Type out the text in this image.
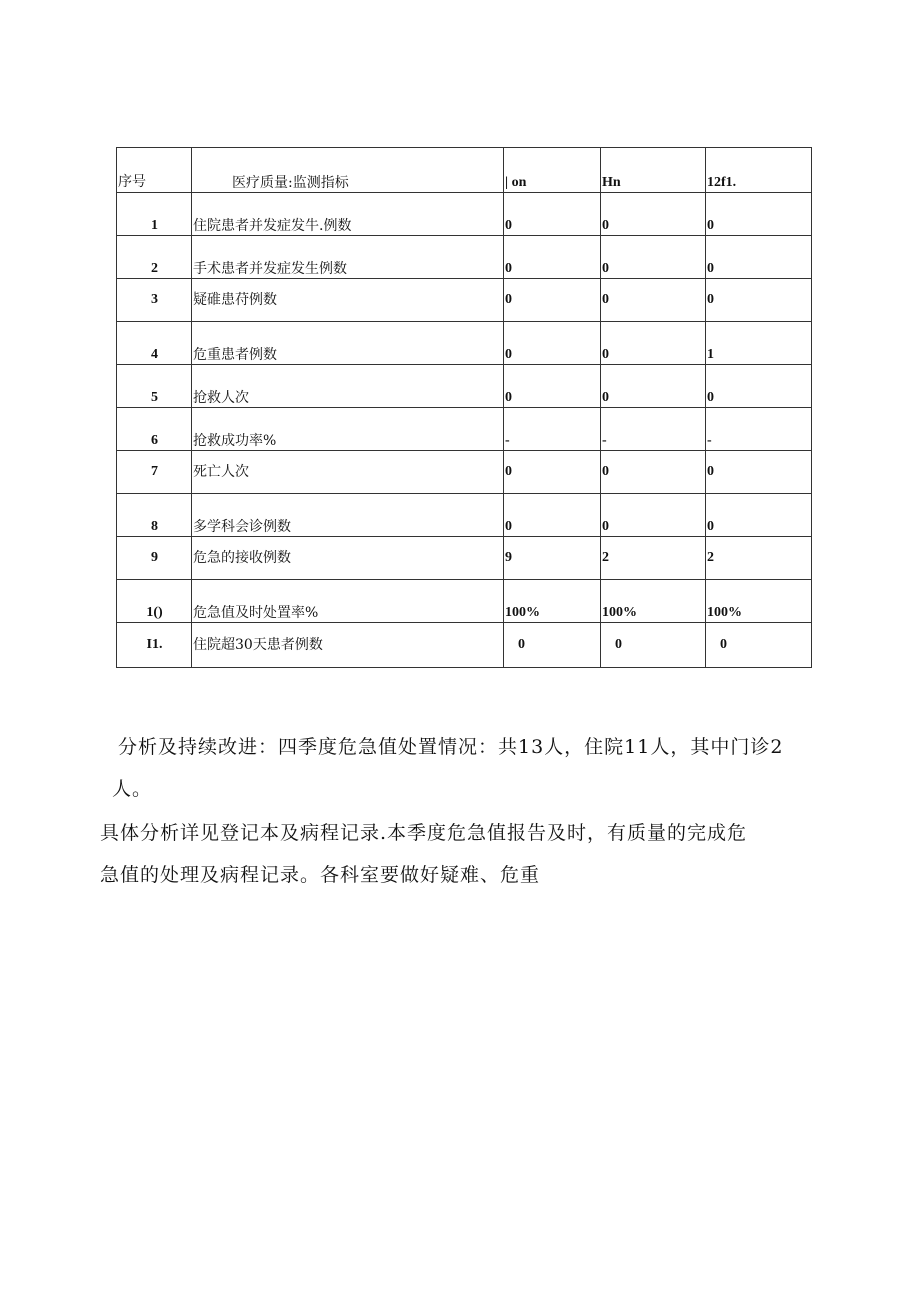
序号	医疗质量:监测指标	| on	Hn	12f1.
1	住院患者并发症发牛.例数	0	0	0
2	手术患者并发症发生例数	0	0	0
3	疑碓患苻例数	0	0	0
4	危重患者例数	0	0	1
5	抢救人次	0	0	0
6	抢救成功率%	-	-	-
7	死亡人次	0	0	0
8	多学科会诊例数	0	0	0
9	危急的接收例数	9	2	2
1()	危急值及时处置率%	100%	100%	100%
I1.	住院超30天患者例数	0	0	0
分析及持续改进：四季度危急值处置情况：共13人，住院11人，其中门诊2
人。
具体分析详见登记本及病程记录.本季度危急值报告及时，有质量的完成危
急值的处理及病程记录。各科室要做好疑难、危重
